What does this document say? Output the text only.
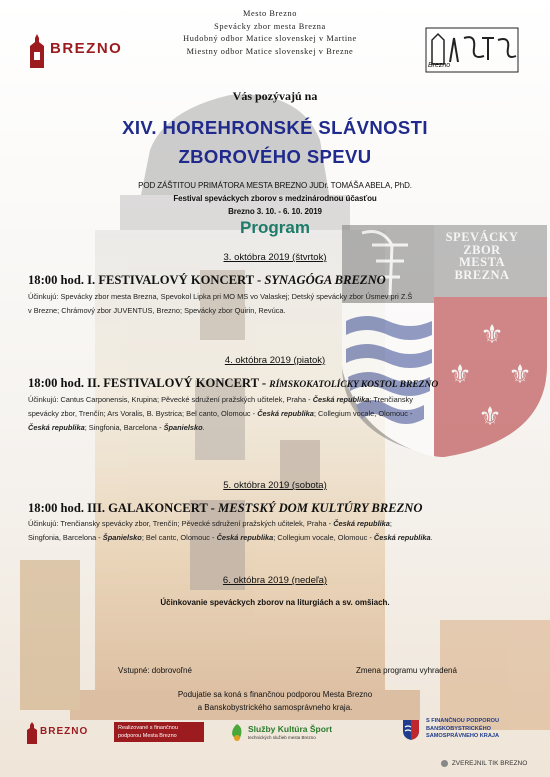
⚜
⚜ ⚜
⚜
SPEVÁCKY
ZBOR
MESTA
BREZNA
BREZNO
Mesto Brezno
Spevácky zbor mesta Brezna
Hudobný odbor Matice slovenskej v Martine
Miestny odbor Matice slovenskej v Brezne
Brezno
Vás pozývajú na
XIV. HOREHRONSKÉ SLÁVNOSTI
ZBOROVÉHO SPEVU
POD ZÁŠTITOU PRIMÁTORA MESTA BREZNO JUDr. TOMÁŠA ABELA, PhD.
Festival speváckych zborov s medzinárodnou účasťou
Brezno 3. 10. - 6. 10. 2019
Program
3. októbra 2019 (štvrtok)
18:00 hod. I. FESTIVALOVÝ KONCERT - SYNAGÓGA BREZNO
Účinkujú: Spevácky zbor mesta Brezna, Spevokol Lipka pri MO MS vo Valaskej; Detský spevácky zbor Úsmev pri Z.Š
v Brezne; Chrámový zbor JUVENTUS, Brezno; Spevácky zbor Quirin, Revúca.
4. októbra 2019 (piatok)
18:00 hod. II. FESTIVALOVÝ KONCERT - RÍMSKOKATOLÍCKY KOSTOL BREZNO
Účinkujú: Cantus Carponensis, Krupina; Pěvecké sdružení pražských učitelek, Praha - Česká republika; Trenčiansky
spevácky zbor, Trenčín; Ars Voralis, B. Bystrica; Bel canto, Olomouc - Česká republika; Collegium vocale, Olomouc -
Česká republika; Singfonia, Barcelona - Španielsko.
5. októbra 2019 (sobota)
18:00 hod. III. GALAKONCERT - MESTSKÝ DOM KULTÚRY BREZNO
Účinkujú: Trenčiansky spevácky zbor, Trenčín; Pěvecké sdružení pražských učitelek, Praha - Česká republika;
Singfonia, Barcelona - Španielsko; Bel cantc, Olomouc - Česká republika; Collegium vocale, Olomouc - Česká republika.
6. októbra 2019 (nedeľa)
Účinkovanie speváckych zborov na liturgiách a sv. omšiach.
Vstupné: dobrovoľné	Zmena programu vyhradená
Podujatie sa koná s finančnou podporou Mesta Brezno
a Banskobystrického samosprávneho kraja.
BREZNO	Realizované s finančnou
podporou Mesta Brezno
Služby Kultúra Šport
technických služieb mesta Brezno
S FINANČNOU PODPOROU
BANSKOBYSTRICKÉHO
SAMOSPRÁVNEHO KRAJA
ZVEREJNIL TIK BREZNO
